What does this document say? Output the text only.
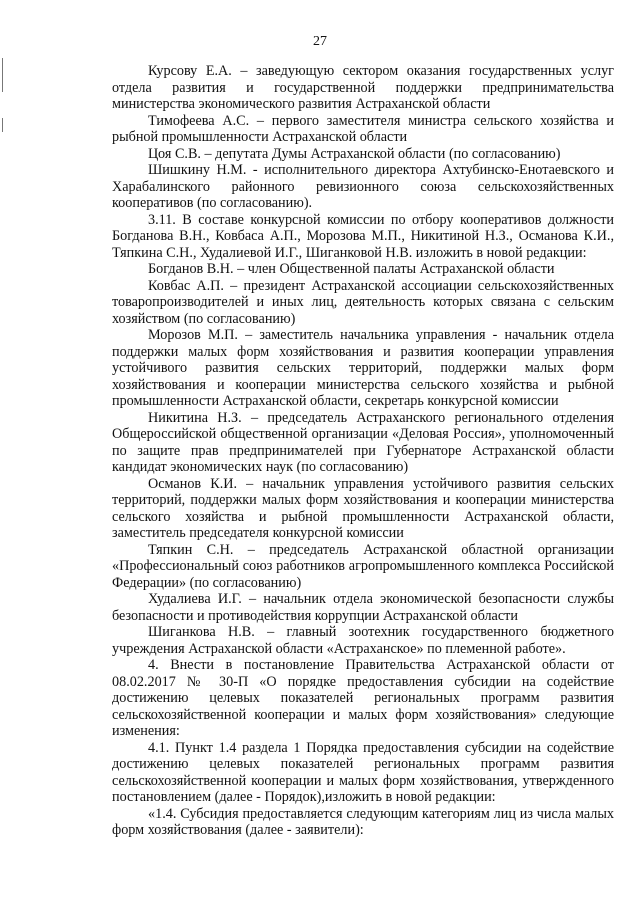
27

Курсову Е.А. – заведующую сектором оказания государственных услуг отдела развития и государственной поддержки предпринимательства министерства экономического развития Астраханской области

Тимофеева А.С. – первого заместителя министра сельского хозяйства и рыбной промышленности Астраханской области

Цоя С.В. – депутата Думы Астраханской области (по согласованию)

Шишкину Н.М. - исполнительного директора Ахтубинско-Енотаевского и Харабалинского районного ревизионного союза сельскохозяйственных кооперативов (по согласованию).

3.11. В составе конкурсной комиссии по отбору кооперативов должности Богданова В.Н., Ковбаса А.П., Морозова М.П., Никитиной Н.З., Османова К.И., Тяпкина С.Н., Худалиевой И.Г., Шиганковой Н.В. изложить в новой редакции:

Богданов В.Н. – член Общественной палаты Астраханской области

Ковбас А.П. – президент Астраханской ассоциации сельскохозяйственных товаропроизводителей и иных лиц, деятельность которых связана с сельским хозяйством (по согласованию)

Морозов М.П. – заместитель начальника управления - начальник отдела поддержки малых форм хозяйствования и развития кооперации управления устойчивого развития сельских территорий, поддержки малых форм хозяйствования и кооперации министерства сельского хозяйства и рыбной промышленности Астраханской области, секретарь конкурсной комиссии

Никитина Н.З. – председатель Астраханского регионального отделения Общероссийской общественной организации «Деловая Россия», уполномоченный по защите прав предпринимателей при Губернаторе Астраханской области кандидат экономических наук (по согласованию)

Османов К.И. – начальник управления устойчивого развития сельских территорий, поддержки малых форм хозяйствования и кооперации министерства сельского хозяйства и рыбной промышленности Астраханской области, заместитель председателя конкурсной комиссии

Тяпкин С.Н. – председатель Астраханской областной организации «Профессиональный союз работников агропромышленного комплекса Российской Федерации» (по согласованию)

Худалиева И.Г. – начальник отдела экономической безопасности службы безопасности и противодействия коррупции Астраханской области

Шиганкова Н.В. – главный зоотехник государственного бюджетного учреждения Астраханской области «Астраханское» по племенной работе».

4. Внести в постановление Правительства Астраханской области от 08.02.2017 № 30-П «О порядке предоставления субсидии на содействие достижению целевых показателей региональных программ развития сельскохозяйственной кооперации и малых форм хозяйствования» следующие изменения:

4.1. Пункт 1.4 раздела 1 Порядка предоставления субсидии на содействие достижению целевых показателей региональных программ развития сельскохозяйственной кооперации и малых форм хозяйствования, утвержденного постановлением (далее - Порядок),изложить в новой редакции:

«1.4. Субсидия предоставляется следующим категориям лиц из числа малых форм хозяйствования (далее - заявители):
